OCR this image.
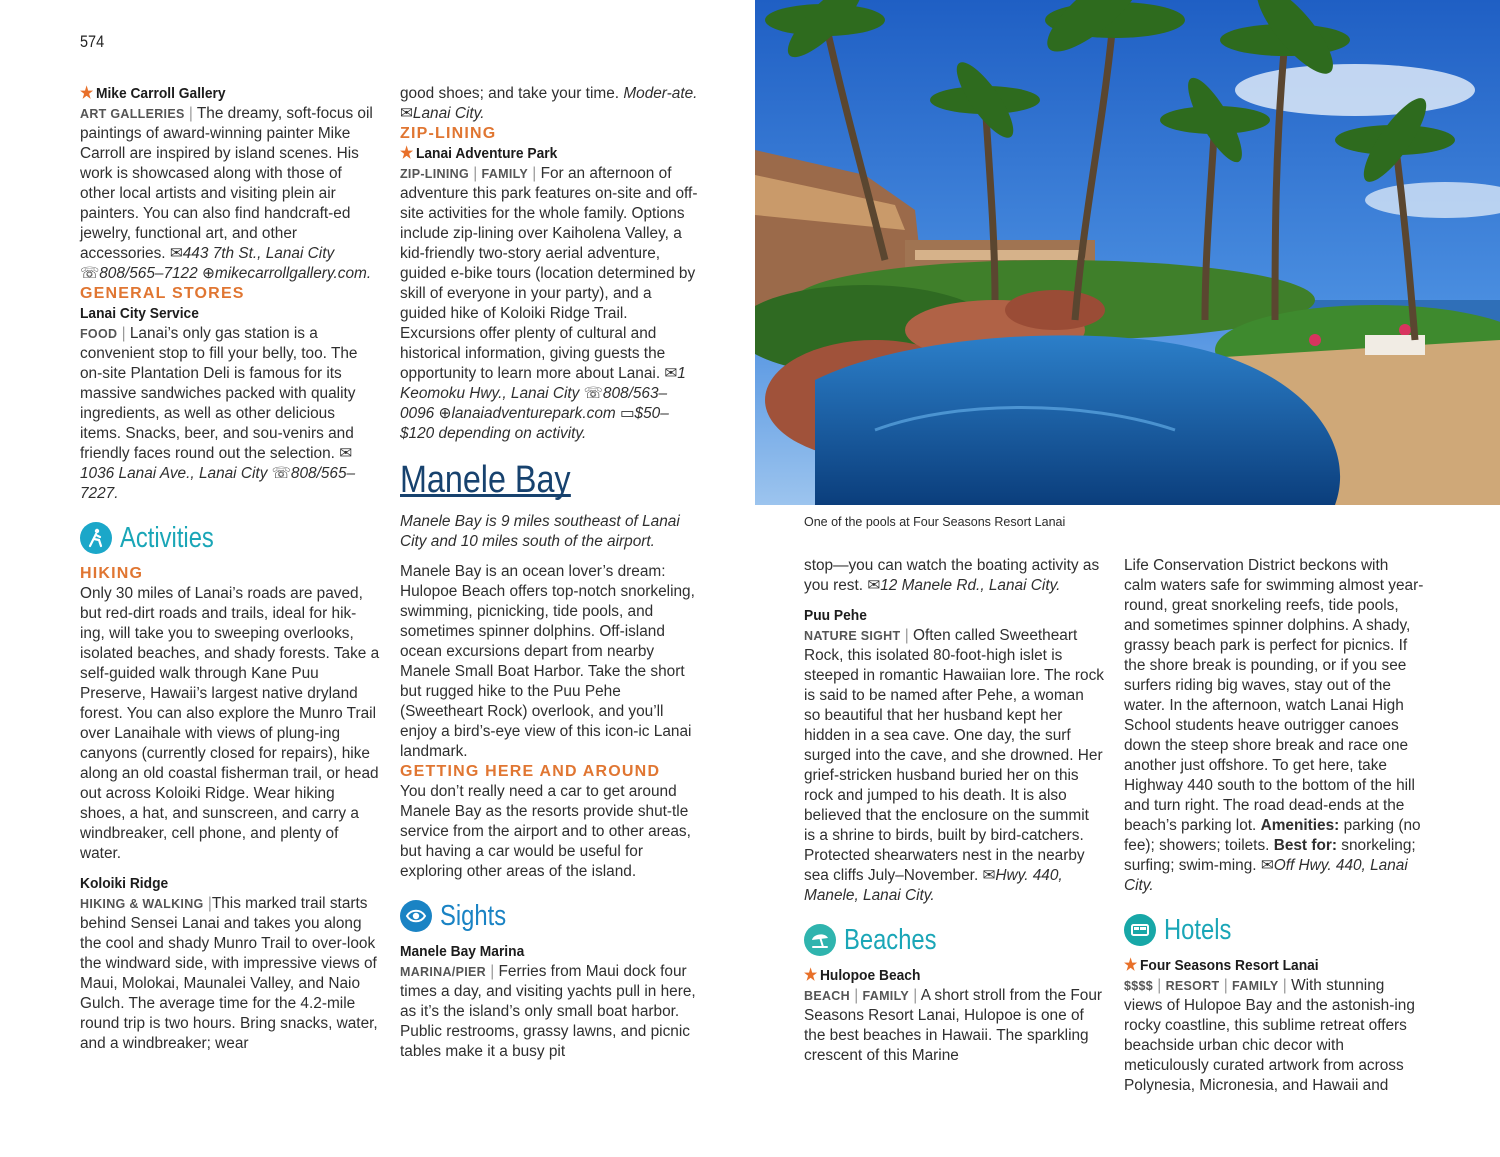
574
One of the pools at Four Seasons Resort Lanai

★ Mike Carroll Gallery

ART GALLERIES | The dreamy, soft-focus oil paintings of award-winning painter Mike Carroll are inspired by island scenes. His work is showcased along with those of other local artists and visiting plein air painters. You can also find handcraft-ed jewelry, functional art, and other accessories. ✉443 7th St., Lanai City ☏808/565–7122 ⊕mikecarrollgallery.com.

GENERAL STORES

Lanai City Service

FOOD | Lanai’s only gas station is a convenient stop to fill your belly, too. The on-site Plantation Deli is famous for its massive sandwiches packed with quality ingredients, as well as other delicious items. Snacks, beer, and sou-venirs and friendly faces round out the selection. ✉1036 Lanai Ave., Lanai City ☏808/565–7227.

Activities

HIKING

Only 30 miles of Lanai’s roads are paved, but red-dirt roads and trails, ideal for hik-ing, will take you to sweeping overlooks, isolated beaches, and shady forests. Take a self-guided walk through Kane Puu Preserve, Hawaii’s largest native dryland forest. You can also explore the Munro Trail over Lanaihale with views of plung-ing canyons (currently closed for repairs), hike along an old coastal fisherman trail, or head out across Koloiki Ridge. Wear hiking shoes, a hat, and sunscreen, and carry a windbreaker, cell phone, and plenty of water.

Koloiki Ridge

HIKING & WALKING |This marked trail starts behind Sensei Lanai and takes you along the cool and shady Munro Trail to over-look the windward side, with impressive views of Maui, Molokai, Maunalei Valley, and Naio Gulch. The average time for the 4.2-mile round trip is two hours. Bring snacks, water, and a windbreaker; wear

good shoes; and take your time. Moder-ate. ✉Lanai City.

ZIP-LINING

★ Lanai Adventure Park

ZIP-LINING | FAMILY | For an afternoon of adventure this park features on-site and off-site activities for the whole family. Options include zip-lining over Kaiholena Valley, a kid-friendly two-story aerial adventure, guided e-bike tours (location determined by skill of everyone in your party), and a guided hike of Koloiki Ridge Trail. Excursions offer plenty of cultural and historical information, giving guests the opportunity to learn more about Lanai. ✉1 Keomoku Hwy., Lanai City ☏808/563–0096 ⊕lanaiadventurepark.com ▭$50–$120 depending on activity.

Manele Bay

Manele Bay is 9 miles southeast of Lanai City and 10 miles south of the airport.

Manele Bay is an ocean lover’s dream: Hulopoe Beach offers top-notch snorkeling, swimming, picnicking, tide pools, and sometimes spinner dolphins. Off-island ocean excursions depart from nearby Manele Small Boat Harbor. Take the short but rugged hike to the Puu Pehe (Sweetheart Rock) overlook, and you’ll enjoy a bird’s-eye view of this icon-ic Lanai landmark.

GETTING HERE AND AROUND

You don’t really need a car to get around Manele Bay as the resorts provide shut-tle service from the airport and to other areas, but having a car would be useful for exploring other areas of the island.

Sights

Manele Bay Marina

MARINA/PIER | Ferries from Maui dock four times a day, and visiting yachts pull in here, as it’s the island’s only small boat harbor. Public restrooms, grassy lawns, and picnic tables make it a busy pit

stop—you can watch the boating activity as you rest. ✉12 Manele Rd., Lanai City.

Puu Pehe

NATURE SIGHT | Often called Sweetheart Rock, this isolated 80-foot-high islet is steeped in romantic Hawaiian lore. The rock is said to be named after Pehe, a woman so beautiful that her husband kept her hidden in a sea cave. One day, the surf surged into the cave, and she drowned. Her grief-stricken husband buried her on this rock and jumped to his death. It is also believed that the enclosure on the summit is a shrine to birds, built by bird-catchers. Protected shearwaters nest in the nearby sea cliffs July–November. ✉Hwy. 440, Manele, Lanai City.

Beaches

★ Hulopoe Beach

BEACH | FAMILY | A short stroll from the Four Seasons Resort Lanai, Hulopoe is one of the best beaches in Hawaii. The sparkling crescent of this Marine

Life Conservation District beckons with calm waters safe for swimming almost year-round, great snorkeling reefs, tide pools, and sometimes spinner dolphins. A shady, grassy beach park is perfect for picnics. If the shore break is pounding, or if you see surfers riding big waves, stay out of the water. In the afternoon, watch Lanai High School students heave outrigger canoes down the steep shore break and race one another just offshore. To get here, take Highway 440 south to the bottom of the hill and turn right. The road dead-ends at the beach’s parking lot. Amenities: parking (no fee); showers; toilets. Best for: snorkeling; surfing; swim-ming. ✉Off Hwy. 440, Lanai City.

Hotels

★ Four Seasons Resort Lanai

$$$$ | RESORT | FAMILY | With stunning views of Hulopoe Bay and the astonish-ing rocky coastline, this sublime retreat offers beachside urban chic decor with meticulously curated artwork from across Polynesia, Micronesia, and Hawaii and
